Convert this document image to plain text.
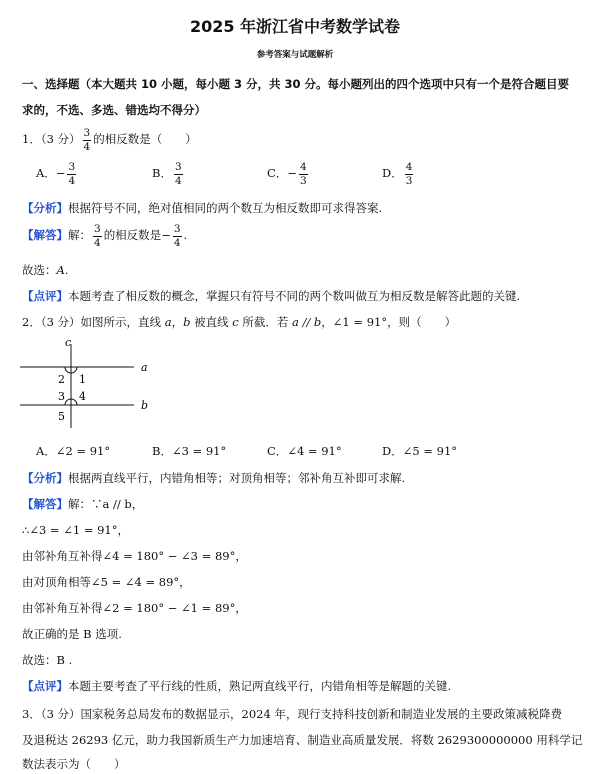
2025 年浙江省中考数学试卷
参考答案与试题解析
一、选择题（本大题共 10 小题，每小题 3 分，共 30 分。每小题列出的四个选项中只有一个是符合题目要
求的，不选、多选、错选均不得分）
1．（3 分） $\frac{3}{4}$ 的相反数是（　　）
A．− $\frac{3}{4}$	B． $\frac{3}{4}$	C．− $\frac{4}{3}$	D． $\frac{4}{3}$
【分析】根据符号不同，绝对值相同的两个数互为相反数即可求得答案.
【解答】解： $\frac{3}{4}$ 的相反数是− $\frac{3}{4}$ .
故选：A.
【点评】本题考查了相反数的概念，掌握只有符号不同的两个数叫做互为相反数是解答此题的关键.
2．（3 分）如图所示，直线 a，b 被直线 c 所截．若 a // b，∠1 = 91°，则（　　）
c
a
b
1
2
3 4
5
A．∠2 = 91°	B．∠3 = 91°	C．∠4 = 91°	D．∠5 = 91°
【分析】根据两直线平行，内错角相等；对顶角相等；邻补角互补即可求解.
【解答】解：∵a // b，
∴∠3 = ∠1 = 91°，
由邻补角互补得∠4 = 180° − ∠3 = 89°，
由对顶角相等∠5 = ∠4 = 89°，
由邻补角互补得∠2 = 180° − ∠1 = 89°，
故正确的是 B 选项.
故选：B .
【点评】本题主要考查了平行线的性质，熟记两直线平行，内错角相等是解题的关键.
3．（3 分）国家税务总局发布的数据显示，2024 年，现行支持科技创新和制造业发展的主要政策减税降费
及退税达 26293 亿元，助力我国新质生产力加速培育、制造业高质量发展．将数 2629300000000 用科学记
数法表示为（　　）
